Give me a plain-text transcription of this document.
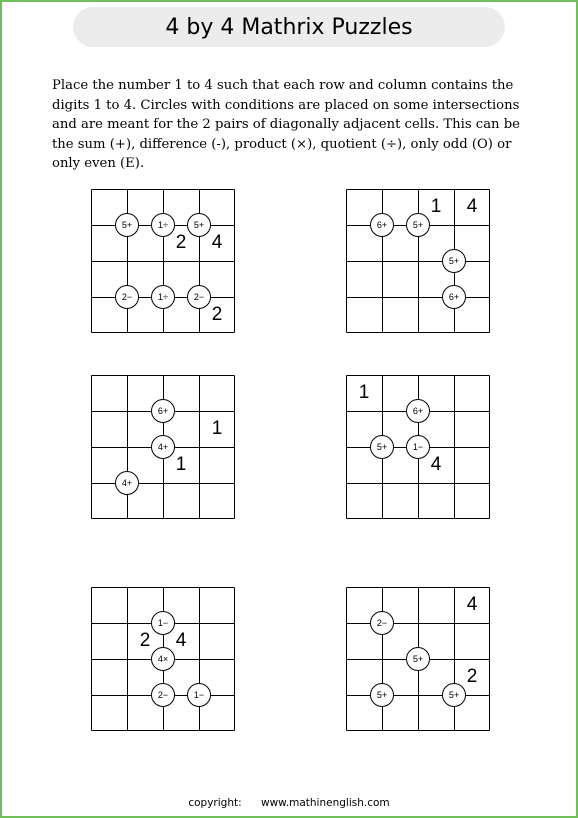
4 by 4 Mathrix Puzzles
Place the number 1 to 4 such that each row and column contains the digits 1 to 4. Circles with conditions are placed on some intersections and are meant for the 2 pairs of diagonally adjacent cells. This can be the sum (+), difference (-), product (×), quotient (÷), only odd (O) or only even (E).
2	4
2
5+	1÷	5+
2−	1÷	2−
1	4
6+	5+
5+
6+
1
1
6+
4+
4+
1
4
6+
5+	1−
2	4
1−
4×
2−	1−
4
2
2−
5+
5+	5+
copyright: www.mathinenglish.com
